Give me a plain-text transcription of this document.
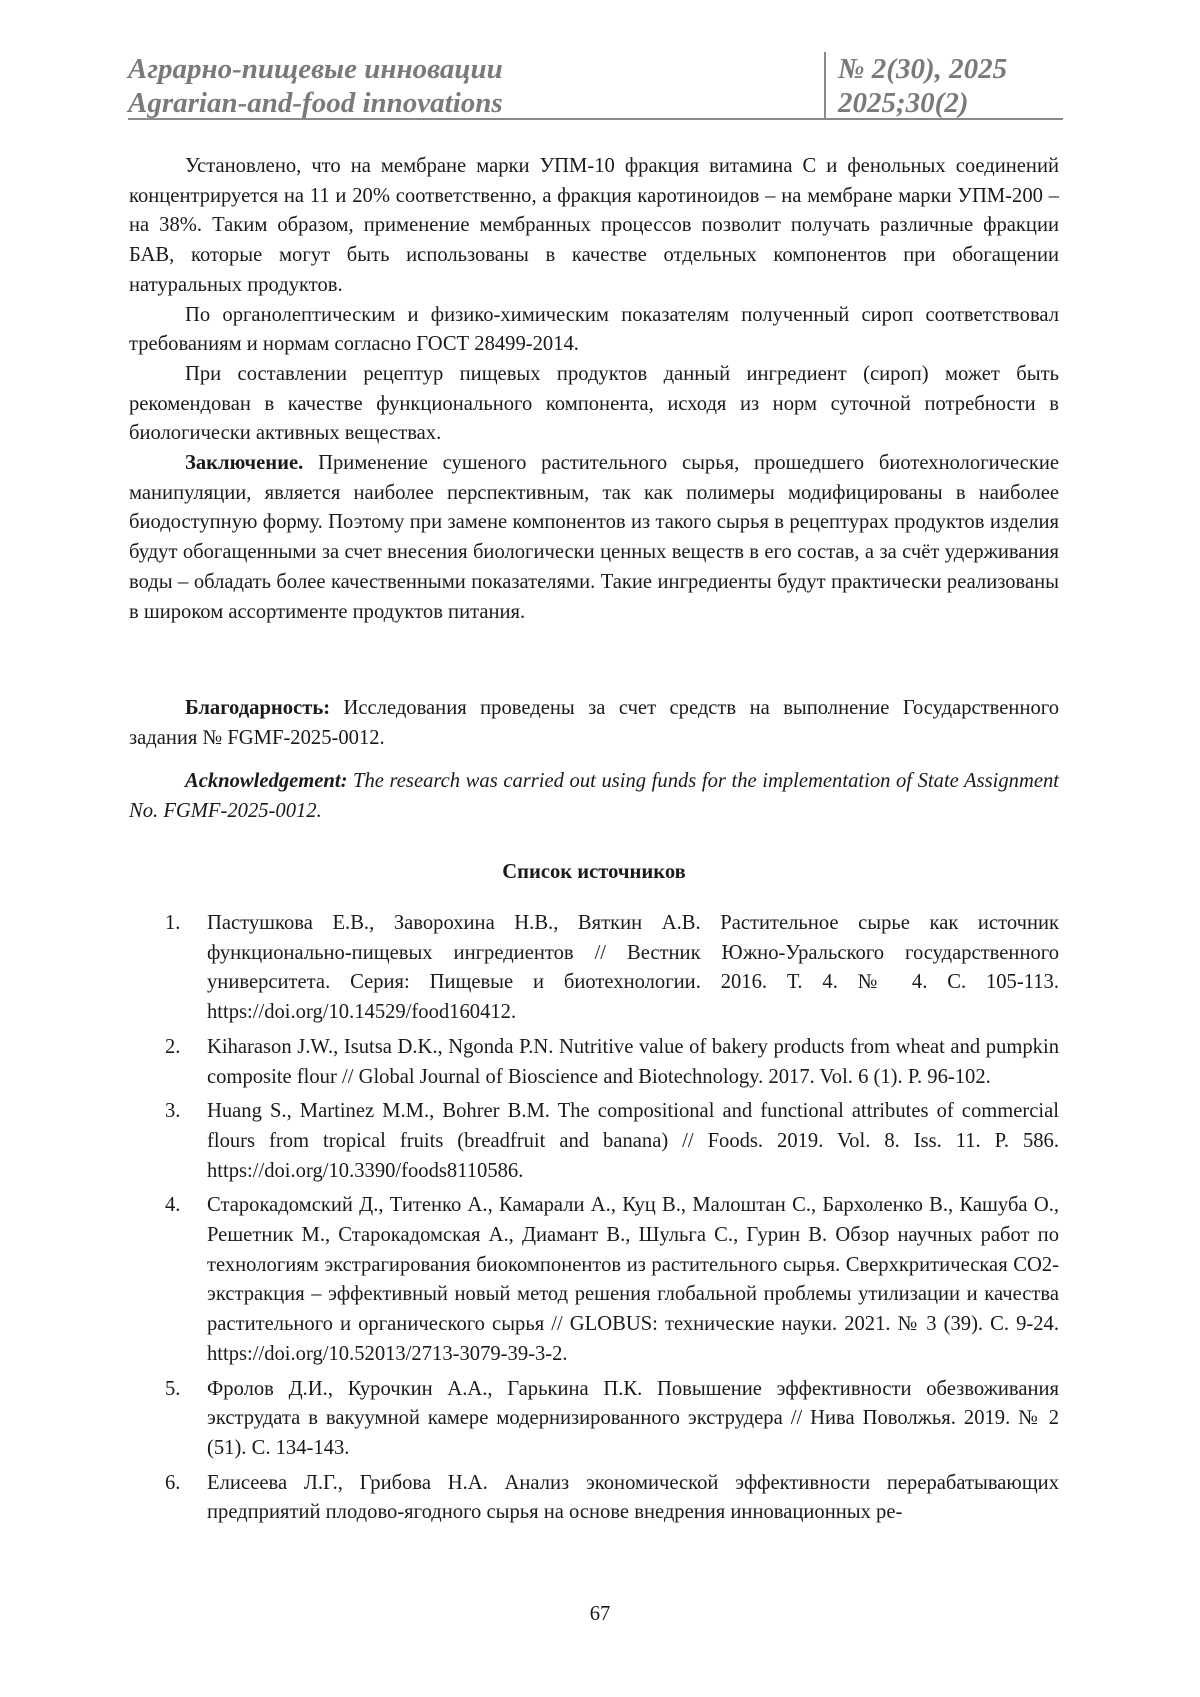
Аграрно-пищевые инновации
Agrarian-and-food innovations
№ 2(30), 2025
2025;30(2)

Установлено, что на мембране марки УПМ-10 фракция витамина С и фенольных соединений концентрируется на 11 и 20% соответственно, а фракция каротиноидов – на мембране марки УПМ-200 – на 38%. Таким образом, применение мембранных процессов позволит получать различные фракции БАВ, которые могут быть использованы в качестве отдельных компонентов при обогащении натуральных продуктов.

По органолептическим и физико-химическим показателям полученный сироп соответствовал требованиям и нормам согласно ГОСТ 28499-2014.

При составлении рецептур пищевых продуктов данный ингредиент (сироп) может быть рекомендован в качестве функционального компонента, исходя из норм суточной потребности в биологически активных веществах.

Заключение. Применение сушеного растительного сырья, прошедшего биотехнологические манипуляции, является наиболее перспективным, так как полимеры модифицированы в наиболее биодоступную форму. Поэтому при замене компонентов из такого сырья в рецептурах продуктов изделия будут обогащенными за счет внесения биологически ценных веществ в его состав, а за счёт удерживания воды – обладать более качественными показателями. Такие ингредиенты будут практически реализованы в широком ассортименте продуктов питания.

Благодарность: Исследования проведены за счет средств на выполнение Государственного задания № FGMF-2025-0012.

Acknowledgement: The research was carried out using funds for the implementation of State Assignment No. FGMF-2025-0012.

Список источников
1. Пастушкова Е.В., Заворохина Н.В., Вяткин А.В. Растительное сырье как источник функционально-пищевых ингредиентов // Вестник Южно-Уральского государственного университета. Серия: Пищевые и биотехнологии. 2016. Т. 4. № 4. С. 105-113. https://doi.org/10.14529/food160412.
2. Kiharason J.W., Isutsa D.K., Ngonda P.N. Nutritive value of bakery products from wheat and pumpkin composite flour // Global Journal of Bioscience and Biotechnology. 2017. Vol. 6 (1). P. 96-102.
3. Huang S., Martinez M.M., Bohrer B.M. The compositional and functional attributes of commercial flours from tropical fruits (breadfruit and banana) // Foods. 2019. Vol. 8. Iss. 11. P. 586. https://doi.org/10.3390/foods8110586.
4. Старокадомский Д., Титенко А., Камарали А., Куц В., Малоштан С., Бархоленко В., Кашуба О., Решетник М., Старокадомская А., Диамант В., Шульга С., Гурин В. Обзор научных работ по технологиям экстрагирования биокомпонентов из растительного сырья. Сверхкритическая СО2-экстракция – эффективный новый метод решения глобальной проблемы утилизации и качества растительного и органического сырья // GLOBUS: технические науки. 2021. № 3 (39). С. 9-24. https://doi.org/10.52013/2713-3079-39-3-2.
5. Фролов Д.И., Курочкин А.А., Гарькина П.К. Повышение эффективности обезвоживания экструдата в вакуумной камере модернизированного экструдера // Нива Поволжья. 2019. № 2 (51). С. 134-143.
6. Елисеева Л.Г., Грибова Н.А. Анализ экономической эффективности перерабатывающих предприятий плодово-ягодного сырья на основе внедрения инновационных ре-
67
